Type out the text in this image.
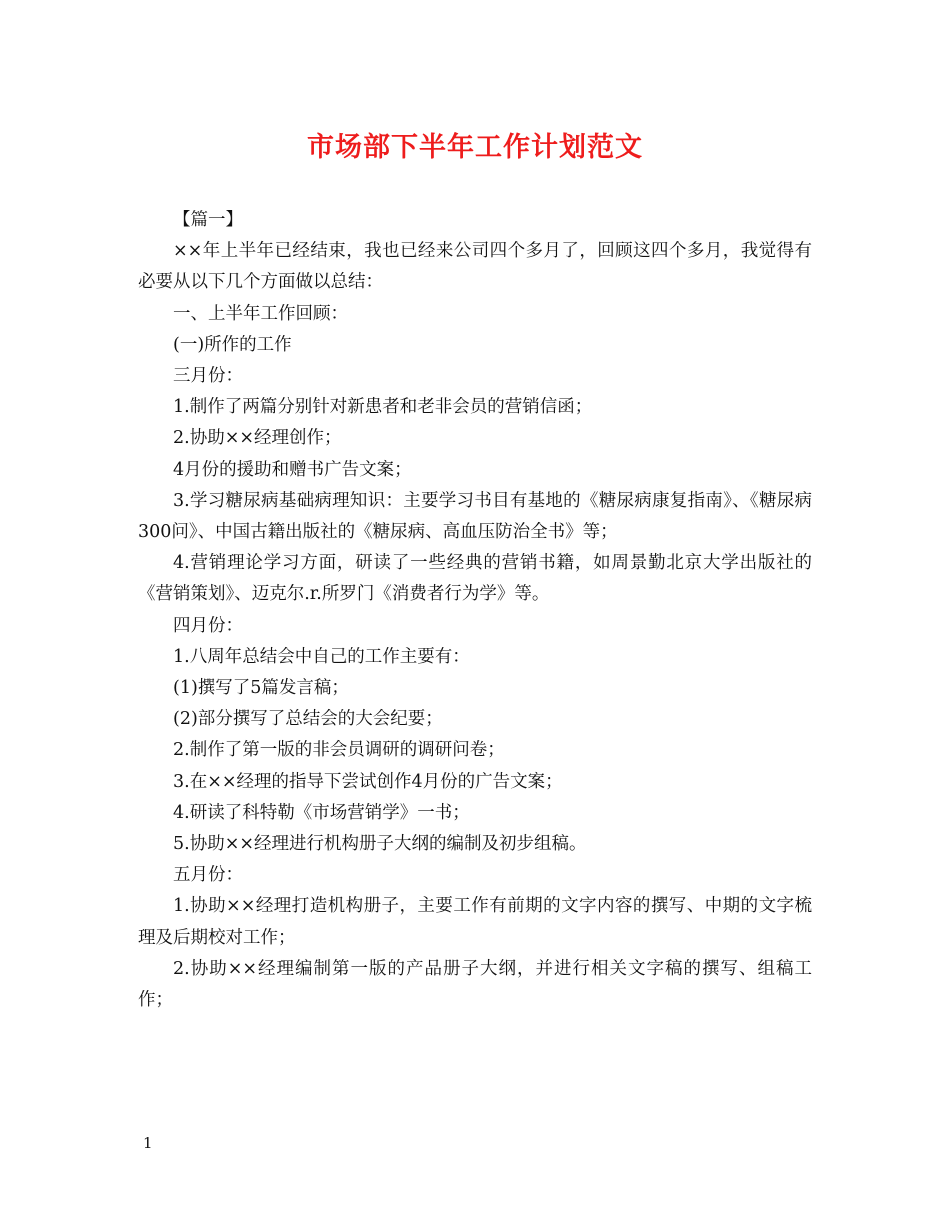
市场部下半年工作计划范文

【篇一】

××年上半年已经结束，我也已经来公司四个多月了，回顾这四个多月，我觉得有必要从以下几个方面做以总结：

一、上半年工作回顾：

(一)所作的工作

三月份：

1.制作了两篇分别针对新患者和老非会员的营销信函；

2.协助××经理创作；

4月份的援助和赠书广告文案；

3.学习糖尿病基础病理知识：主要学习书目有基地的《糖尿病康复指南》、《糖尿病300问》、中国古籍出版社的《糖尿病、高血压防治全书》等；

4.营销理论学习方面，研读了一些经典的营销书籍，如周景勤北京大学出版社的《营销策划》、迈克尔.r.所罗门《消费者行为学》等。

四月份：

1.八周年总结会中自己的工作主要有：

(1)撰写了5篇发言稿；

(2)部分撰写了总结会的大会纪要；

2.制作了第一版的非会员调研的调研问卷；

3.在××经理的指导下尝试创作4月份的广告文案；

4.研读了科特勒《市场营销学》一书；

5.协助××经理进行机构册子大纲的编制及初步组稿。

五月份：

1.协助××经理打造机构册子，主要工作有前期的文字内容的撰写、中期的文字梳理及后期校对工作；

2.协助××经理编制第一版的产品册子大纲，并进行相关文字稿的撰写、组稿工作；

1
